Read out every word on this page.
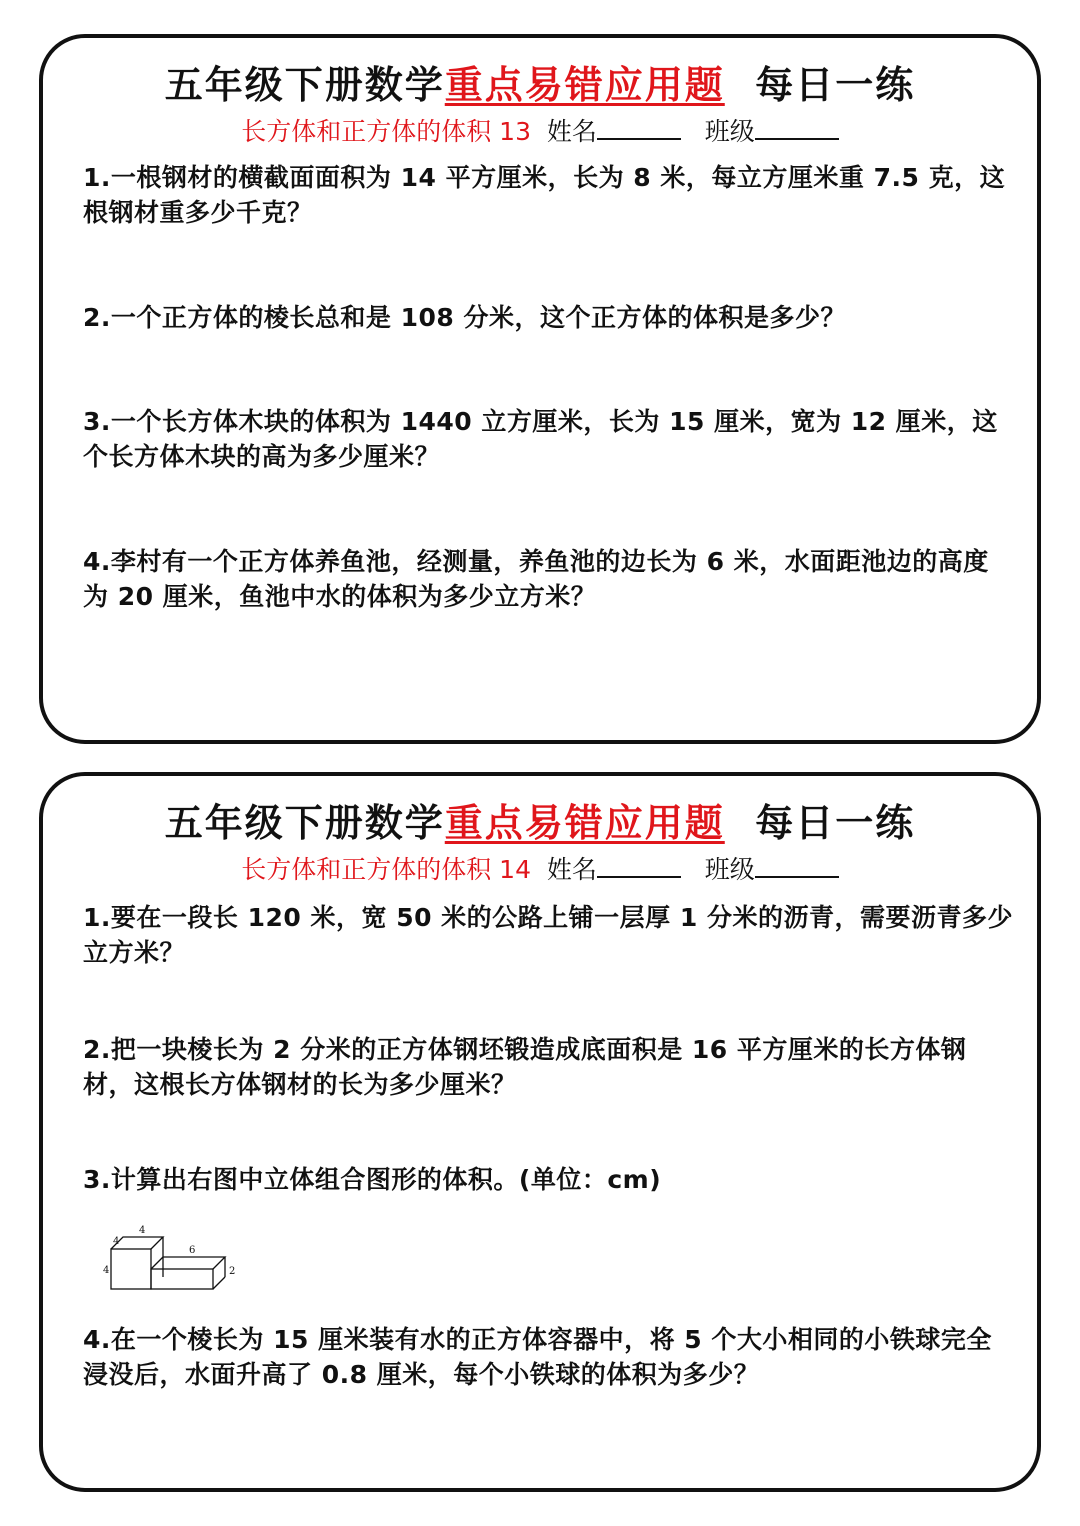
五年级下册数学重点易错应用题 每日一练
长方体和正方体的体积 13 姓名	班级
1.一根钢材的横截面面积为 14 平方厘米，长为 8 米，每立方厘米重 7.5 克，这根钢材重多少千克？
2.一个正方体的棱长总和是 108 分米，这个正方体的体积是多少？
3.一个长方体木块的体积为 1440 立方厘米，长为 15 厘米，宽为 12 厘米，这个长方体木块的高为多少厘米？
4.李村有一个正方体养鱼池，经测量，养鱼池的边长为 6 米，水面距池边的高度为 20 厘米，鱼池中水的体积为多少立方米？
五年级下册数学重点易错应用题 每日一练
长方体和正方体的体积 14 姓名	班级
1.要在一段长 120 米，宽 50 米的公路上铺一层厚 1 分米的沥青，需要沥青多少立方米？
2.把一块棱长为 2 分米的正方体钢坯锻造成底面积是 16 平方厘米的长方体钢材，这根长方体钢材的长为多少厘米？
3.计算出右图中立体组合图形的体积。(单位：cm)
4
4
4
6
2
4.在一个棱长为 15 厘米装有水的正方体容器中，将 5 个大小相同的小铁球完全浸没后，水面升高了 0.8 厘米，每个小铁球的体积为多少？
